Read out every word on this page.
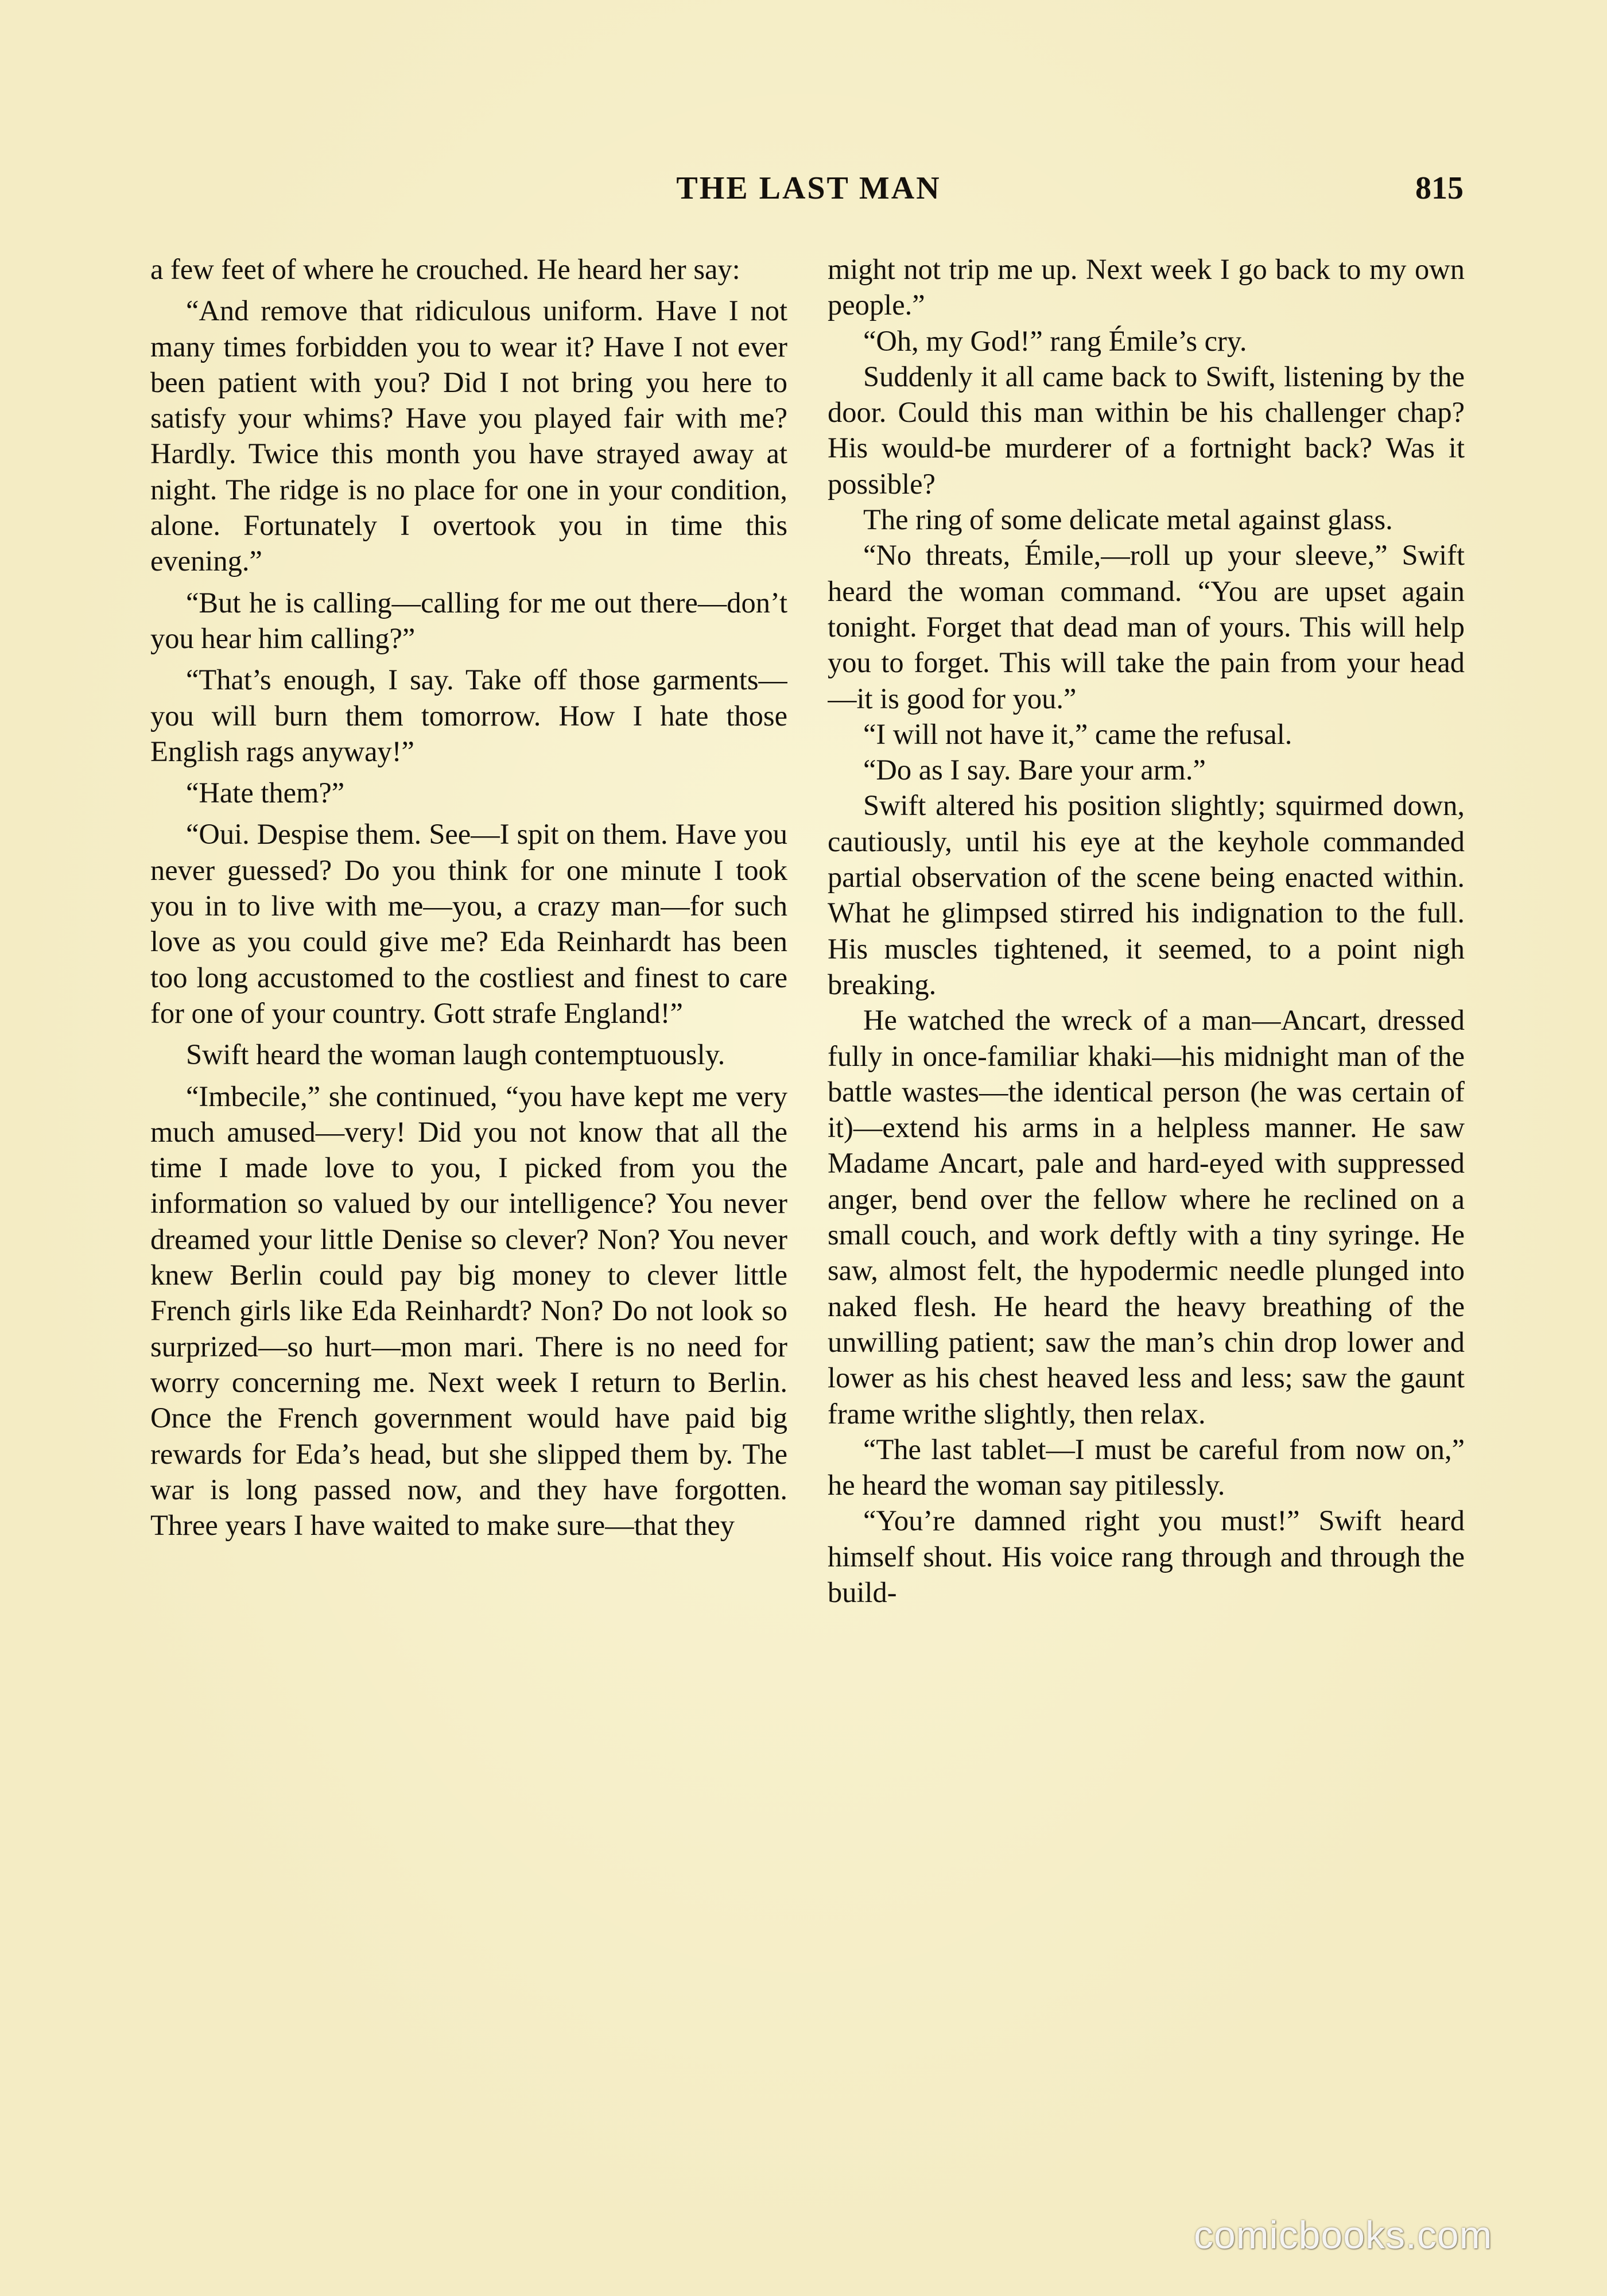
THE LAST MAN	815

a few feet of where he crouched. He heard her say:

“And remove that ridiculous uniform. Have I not many times forbidden you to wear it? Have I not ever been patient with you? Did I not bring you here to satisfy your whims? Have you played fair with me? Hardly. Twice this month you have strayed away at night. The ridge is no place for one in your condition, alone. Fortunately I overtook you in time this evening.”

“But he is calling—calling for me out there—don’t you hear him calling?”

“That’s enough, I say. Take off those garments—you will burn them tomorrow. How I hate those English rags anyway!”

“Hate them?”

“Oui. Despise them. See—I spit on them. Have you never guessed? Do you think for one minute I took you in to live with me—you, a crazy man—for such love as you could give me? Eda Reinhardt has been too long accustomed to the costliest and finest to care for one of your country. Gott strafe England!”

Swift heard the woman laugh contemptuously.

“Imbecile,” she continued, “you have kept me very much amused—very! Did you not know that all the time I made love to you, I picked from you the information so valued by our intelligence? You never dreamed your little Denise so clever? Non? You never knew Berlin could pay big money to clever little French girls like Eda Reinhardt? Non? Do not look so surprized—so hurt—mon mari. There is no need for worry concerning me. Next week I return to Berlin. Once the French government would have paid big rewards for Eda’s head, but she slipped them by. The war is long passed now, and they have forgotten. Three years I have waited to make sure—that they

might not trip me up. Next week I go back to my own people.”

“Oh, my God!” rang Émile’s cry.

Suddenly it all came back to Swift, listening by the door. Could this man within be his challenger chap? His would-be murderer of a fortnight back? Was it possible?

The ring of some delicate metal against glass.

“No threats, Émile,—roll up your sleeve,” Swift heard the woman command. “You are upset again tonight. Forget that dead man of yours. This will help you to forget. This will take the pain from your head—it is good for you.”

“I will not have it,” came the refusal.

“Do as I say. Bare your arm.”

Swift altered his position slightly; squirmed down, cautiously, until his eye at the keyhole commanded partial observation of the scene being enacted within. What he glimpsed stirred his indignation to the full. His muscles tightened, it seemed, to a point nigh breaking.

He watched the wreck of a man—Ancart, dressed fully in once-familiar khaki—his midnight man of the battle wastes—the identical person (he was certain of it)—extend his arms in a helpless manner. He saw Madame Ancart, pale and hard-eyed with suppressed anger, bend over the fellow where he reclined on a small couch, and work deftly with a tiny syringe. He saw, almost felt, the hypodermic needle plunged into naked flesh. He heard the heavy breathing of the unwilling patient; saw the man’s chin drop lower and lower as his chest heaved less and less; saw the gaunt frame writhe slightly, then relax.

“The last tablet—I must be careful from now on,” he heard the woman say pitilessly.

“You’re damned right you must!” Swift heard himself shout. His voice rang through and through the build-

comicbooks.com
